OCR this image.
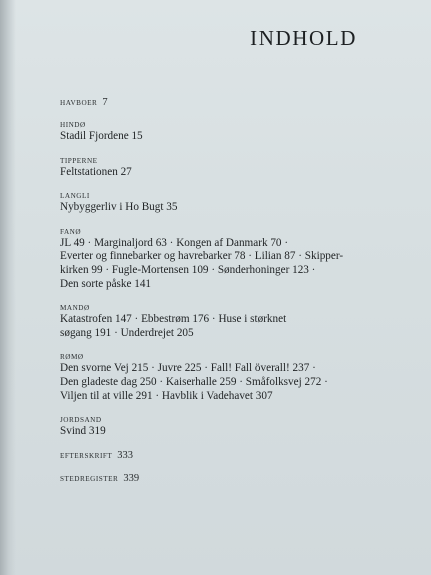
INDHOLD
HAVBOER 7
HINDØ
Stadil Fjordene 15
TIPPERNE
Feltstationen 27
LANGLI
Nybyggerliv i Ho Bugt 35
FANØ
JL 49 · Marginaljord 63 · Kongen af Danmark 70 ·
Everter og finnebarker og havrebarker 78 · Lilian 87 · Skipper-
kirken 99 · Fugle-Mortensen 109 · Sønderhoninger 123 ·
Den sorte påske 141
MANDØ
Katastrofen 147 · Ebbestrøm 176 · Huse i størknet
søgang 191 · Underdrejet 205
RØMØ
Den svorne Vej 215 · Juvre 225 · Fall! Fall överall! 237 ·
Den gladeste dag 250 · Kaiserhalle 259 · Småfolksvej 272 ·
Viljen til at ville 291 · Havblik i Vadehavet 307
JORDSAND
Svind 319
EFTERSKRIFT 333
STEDREGISTER 339
